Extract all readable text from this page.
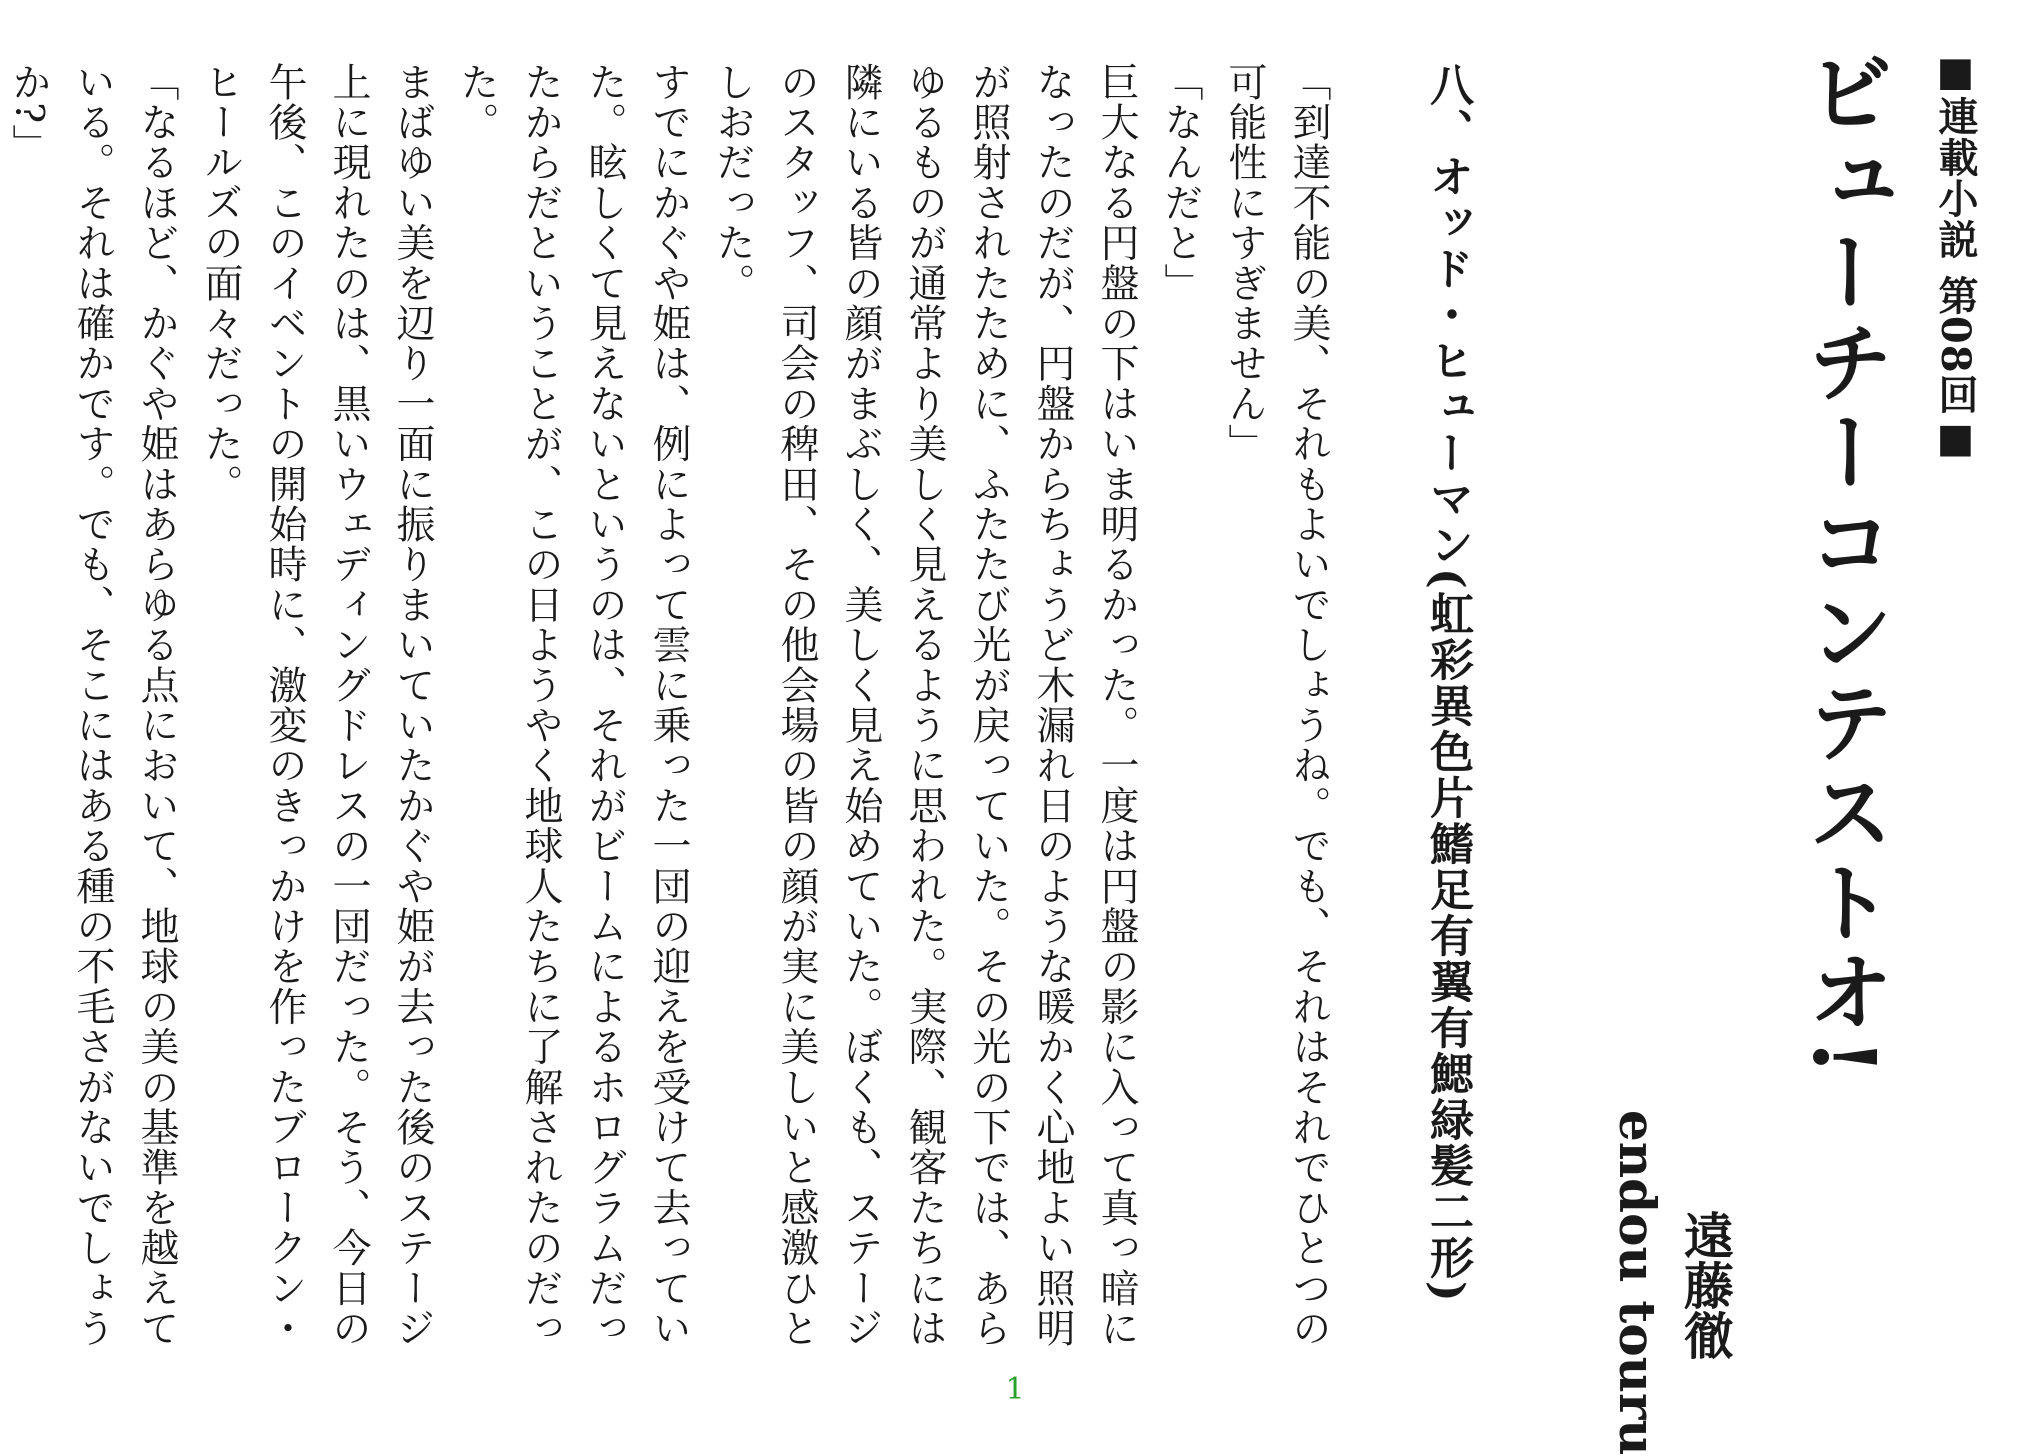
■連載小説 第08回■
ビューチーコンテストオ!
遠藤徹
endou touru
八、オッド・ヒューマン(虹彩異色片鰭足有翼有鰓緑髪二形)

「到達不能の美、それもよいでしょうね。でも、それはそれでひとつの可能性にすぎません」

「なんだと」

巨大なる円盤の下はいま明るかった。一度は円盤の影に入って真っ暗になったのだが、円盤からちょうど木漏れ日のような暖かく心地よい照明が照射されたために、ふたたび光が戻っていた。その光の下では、あらゆるものが通常より美しく見えるように思われた。実際、観客たちには隣にいる皆の顔がまぶしく、美しく見え始めていた。ぼくも、ステージのスタッフ、司会の稗田、その他会場の皆の顔が実に美しいと感激ひとしおだった。

すでにかぐや姫は、例によって雲に乗った一団の迎えを受けて去っていた。眩しくて見えないというのは、それがビームによるホログラムだったからだということが、この日ようやく地球人たちに了解されたのだった。

まばゆい美を辺り一面に振りまいていたかぐや姫が去った後のステージ上に現れたのは、黒いウェディングドレスの一団だった。そう、今日の午後、このイベントの開始時に、激変のきっかけを作ったブロークン・ヒールズの面々だった。

「なるほど、かぐや姫はあらゆる点において、地球の美の基準を越えている。それは確かです。でも、そこにはある種の不毛さがないでしょうか?」

1
